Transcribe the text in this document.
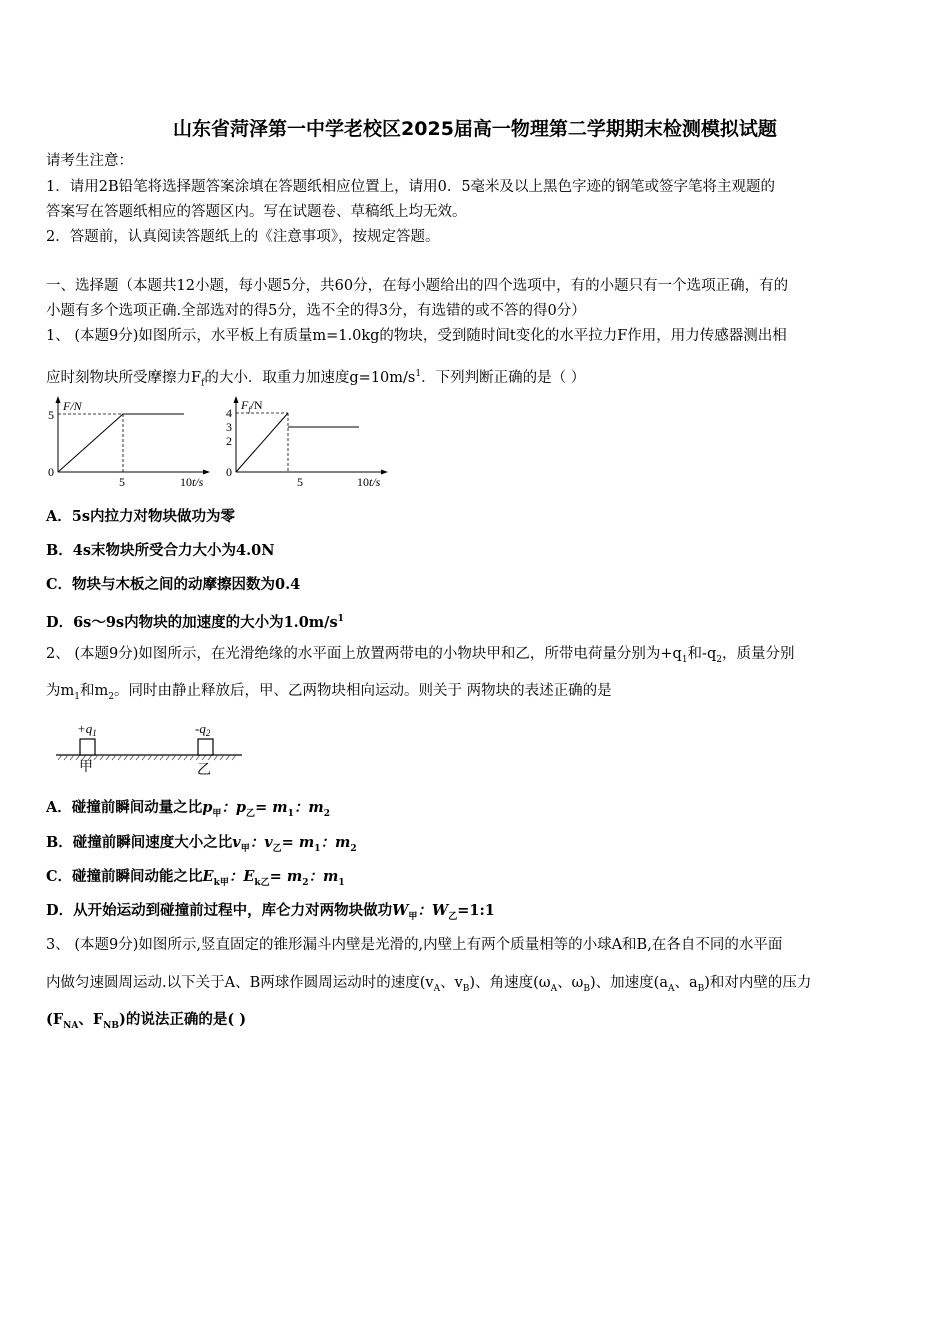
山东省菏泽第一中学老校区2025届高一物理第二学期期末检测模拟试题
请考生注意：
1．请用2B铅笔将选择题答案涂填在答题纸相应位置上，请用0．5毫米及以上黑色字迹的钢笔或签字笔将主观题的
答案写在答题纸相应的答题区内。写在试题卷、草稿纸上均无效。
2．答题前，认真阅读答题纸上的《注意事项》，按规定答题。
一、选择题（本题共12小题，每小题5分，共60分，在每小题给出的四个选项中，有的小题只有一个选项正确，有的
小题有多个选项正确.全部选对的得5分，选不全的得3分，有选错的或不答的得0分）
1、 (本题9分)如图所示，水平板上有质量m=1.0kg的物块，受到随时间t变化的水平拉力F作用，用力传感器测出相
应时刻物块所受摩擦力$F_f$的大小．取重力加速度$g=10m/s^1$．下列判断正确的是（ ）
F/N
5
0
5	10 t/s
$F_f/N$
4
3
2
0
5	10 t/s
A．5s内拉力对物块做功为零
B．4s末物块所受合力大小为4.0N
C．物块与木板之间的动摩擦因数为0.4
D．6s～9s内物块的加速度的大小为$1.0m/s^1$
2、 (本题9分)如图所示，在光滑绝缘的水平面上放置两带电的小物块甲和乙，所带电荷量分别为$+q_1$和$-q_2$，质量分别
为$m_1$和$m_2$。同时由静止释放后，甲、乙两物块相向运动。则关于 两物块的表述正确的是
$+q_1$	$-q_2$
甲	乙
A．碰撞前瞬间动量之比$p_甲$：$p_乙= m_1$：$m_2$
B．碰撞前瞬间速度大小之比$v_甲$：$v_乙= m_1$：$m_2$
C．碰撞前瞬间动能之比$E_{k甲}$：$E_{k乙}= m_2$：$m_1$
D．从开始运动到碰撞前过程中，库仑力对两物块做功$W_甲$：$W_乙=1:1$
3、 (本题9分)如图所示,竖直固定的锥形漏斗内壁是光滑的,内壁上有两个质量相等的小球A和B,在各自不同的水平面
内做匀速圆周运动.以下关于A、B两球作圆周运动时的速度($v_A$、$v_B$)、角速度($\omega_A$、$\omega_B$)、加速度($a_A$、$a_B$)和对内壁的压力
($F_{NA}$、$F_{NB}$)的说法正确的是( )
